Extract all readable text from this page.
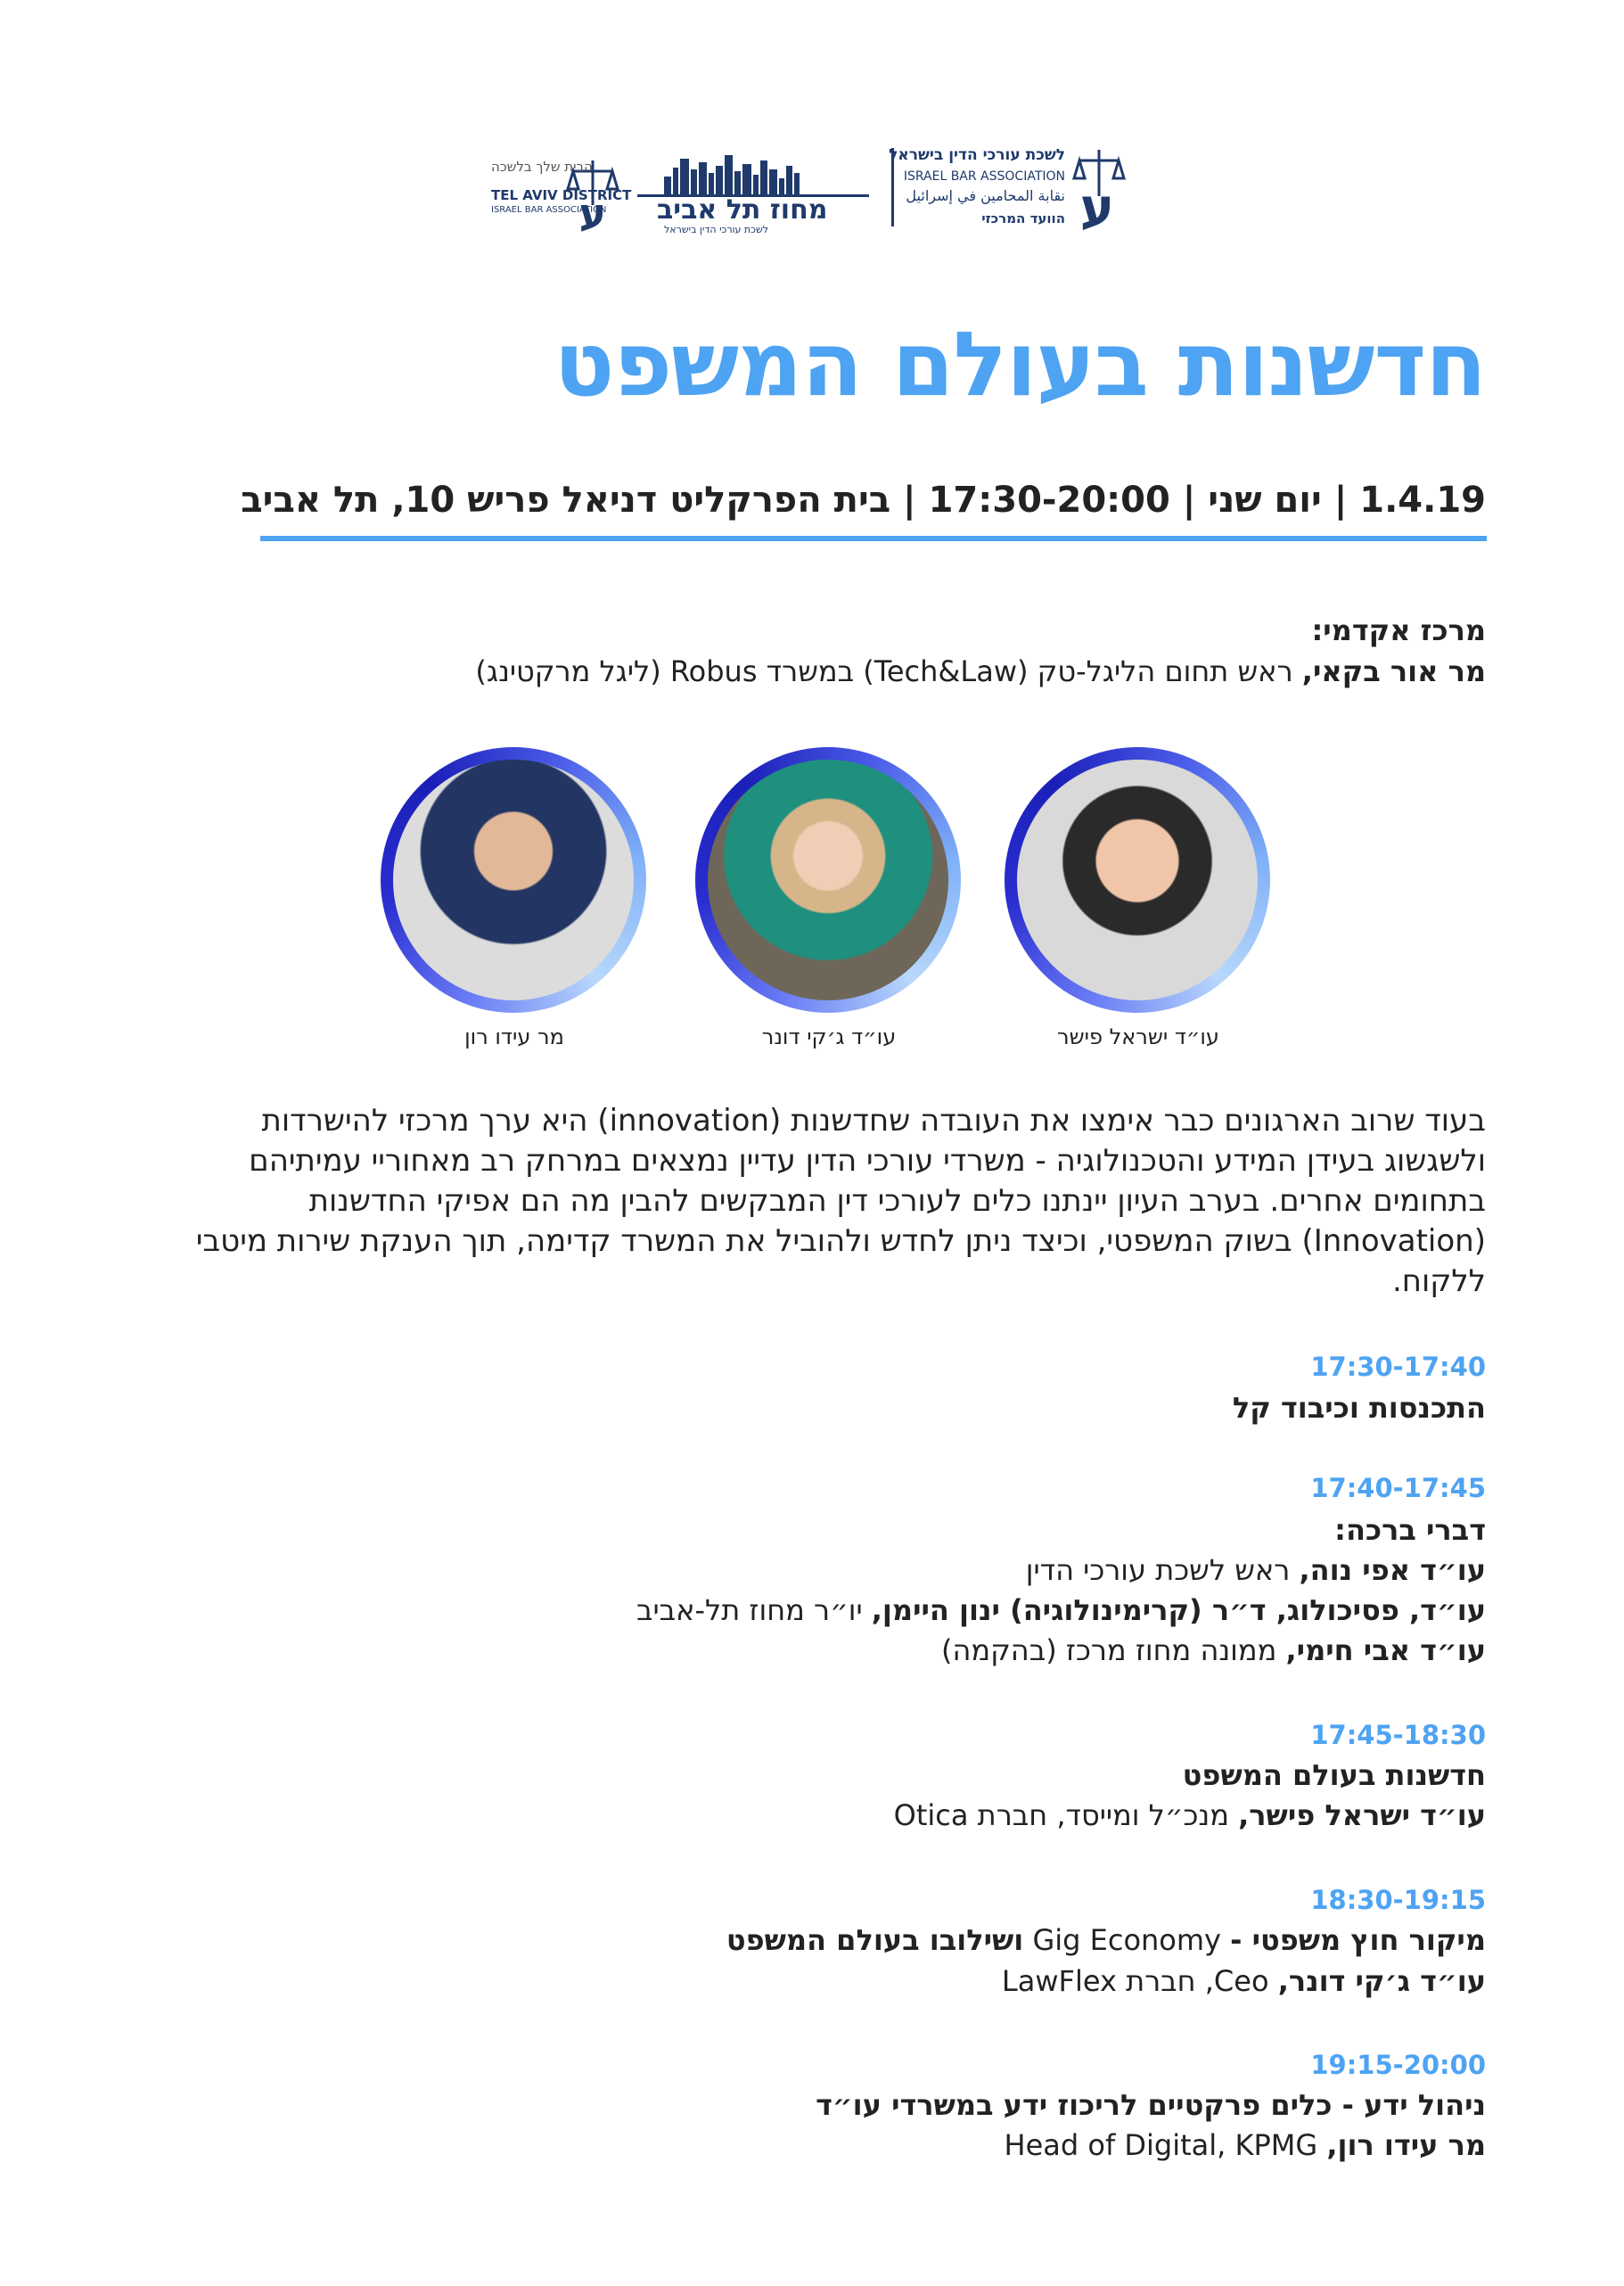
ע
הבית שלך בלשכה
TEL AVIV DISTRICT
ISRAEL BAR ASSOCIATION מחוז תל אביב
לשכת עורכי הדין בישראל	ע
לשכת עורכי הדין בישראל
ISRAEL BAR ASSOCIATION
نقابة المحامين في إسرائيل
הוועד המרכזי
חדשנות בעולם המשפט
1.4.19 | יום שני | 17:30-20:00 | בית הפרקליט דניאל פריש 10, תל אביב
מרכז אקדמי:
מר אור בקאי, ראש תחום הליגל-טק (Tech&Law) במשרד Robus (ליגל מרקטינג)
עו״ד ישראל פישר
עו״ד ג׳קי דונר
מר עידו רון
בעוד שרוב הארגונים כבר אימצו את העובדה שחדשנות (innovation) היא ערך מרכזי להישרדות
ולשגשוג בעידן המידע והטכנולוגיה - משרדי עורכי הדין עדיין נמצאים במרחק רב מאחוריי עמיתיהם
בתחומים אחרים. בערב העיון יינתנו כלים לעורכי דין המבקשים להבין מה הם אפיקי החדשנות
(Innovation) בשוק המשפטי, וכיצד ניתן לחדש ולהוביל את המשרד קדימה, תוך הענקת שירות מיטבי
ללקוח.
17:30-17:40
התכנסות וכיבוד קל
17:40-17:45
דברי ברכה:
עו״ד אפי נוה, ראש לשכת עורכי הדין
עו״ד, פסיכולוג, ד״ר (קרימינולוגיה) ינון היימן, יו״ר מחוז תל-אביב
עו״ד אבי חימי, ממונה מחוז מרכז (בהקמה)
17:45-18:30
חדשנות בעולם המשפט
עו״ד ישראל פישר, מנכ״ל ומייסד, חברת Otica
18:30-19:15
מיקור חוץ משפטי - Gig Economy ושילובו בעולם המשפט
עו״ד ג׳קי דונר, Ceo, חברת LawFlex
19:15-20:00
ניהול ידע - כלים פרקטיים לריכוז ידע במשרדי עו״ד
מר עידו רון, Head of Digital, KPMG
